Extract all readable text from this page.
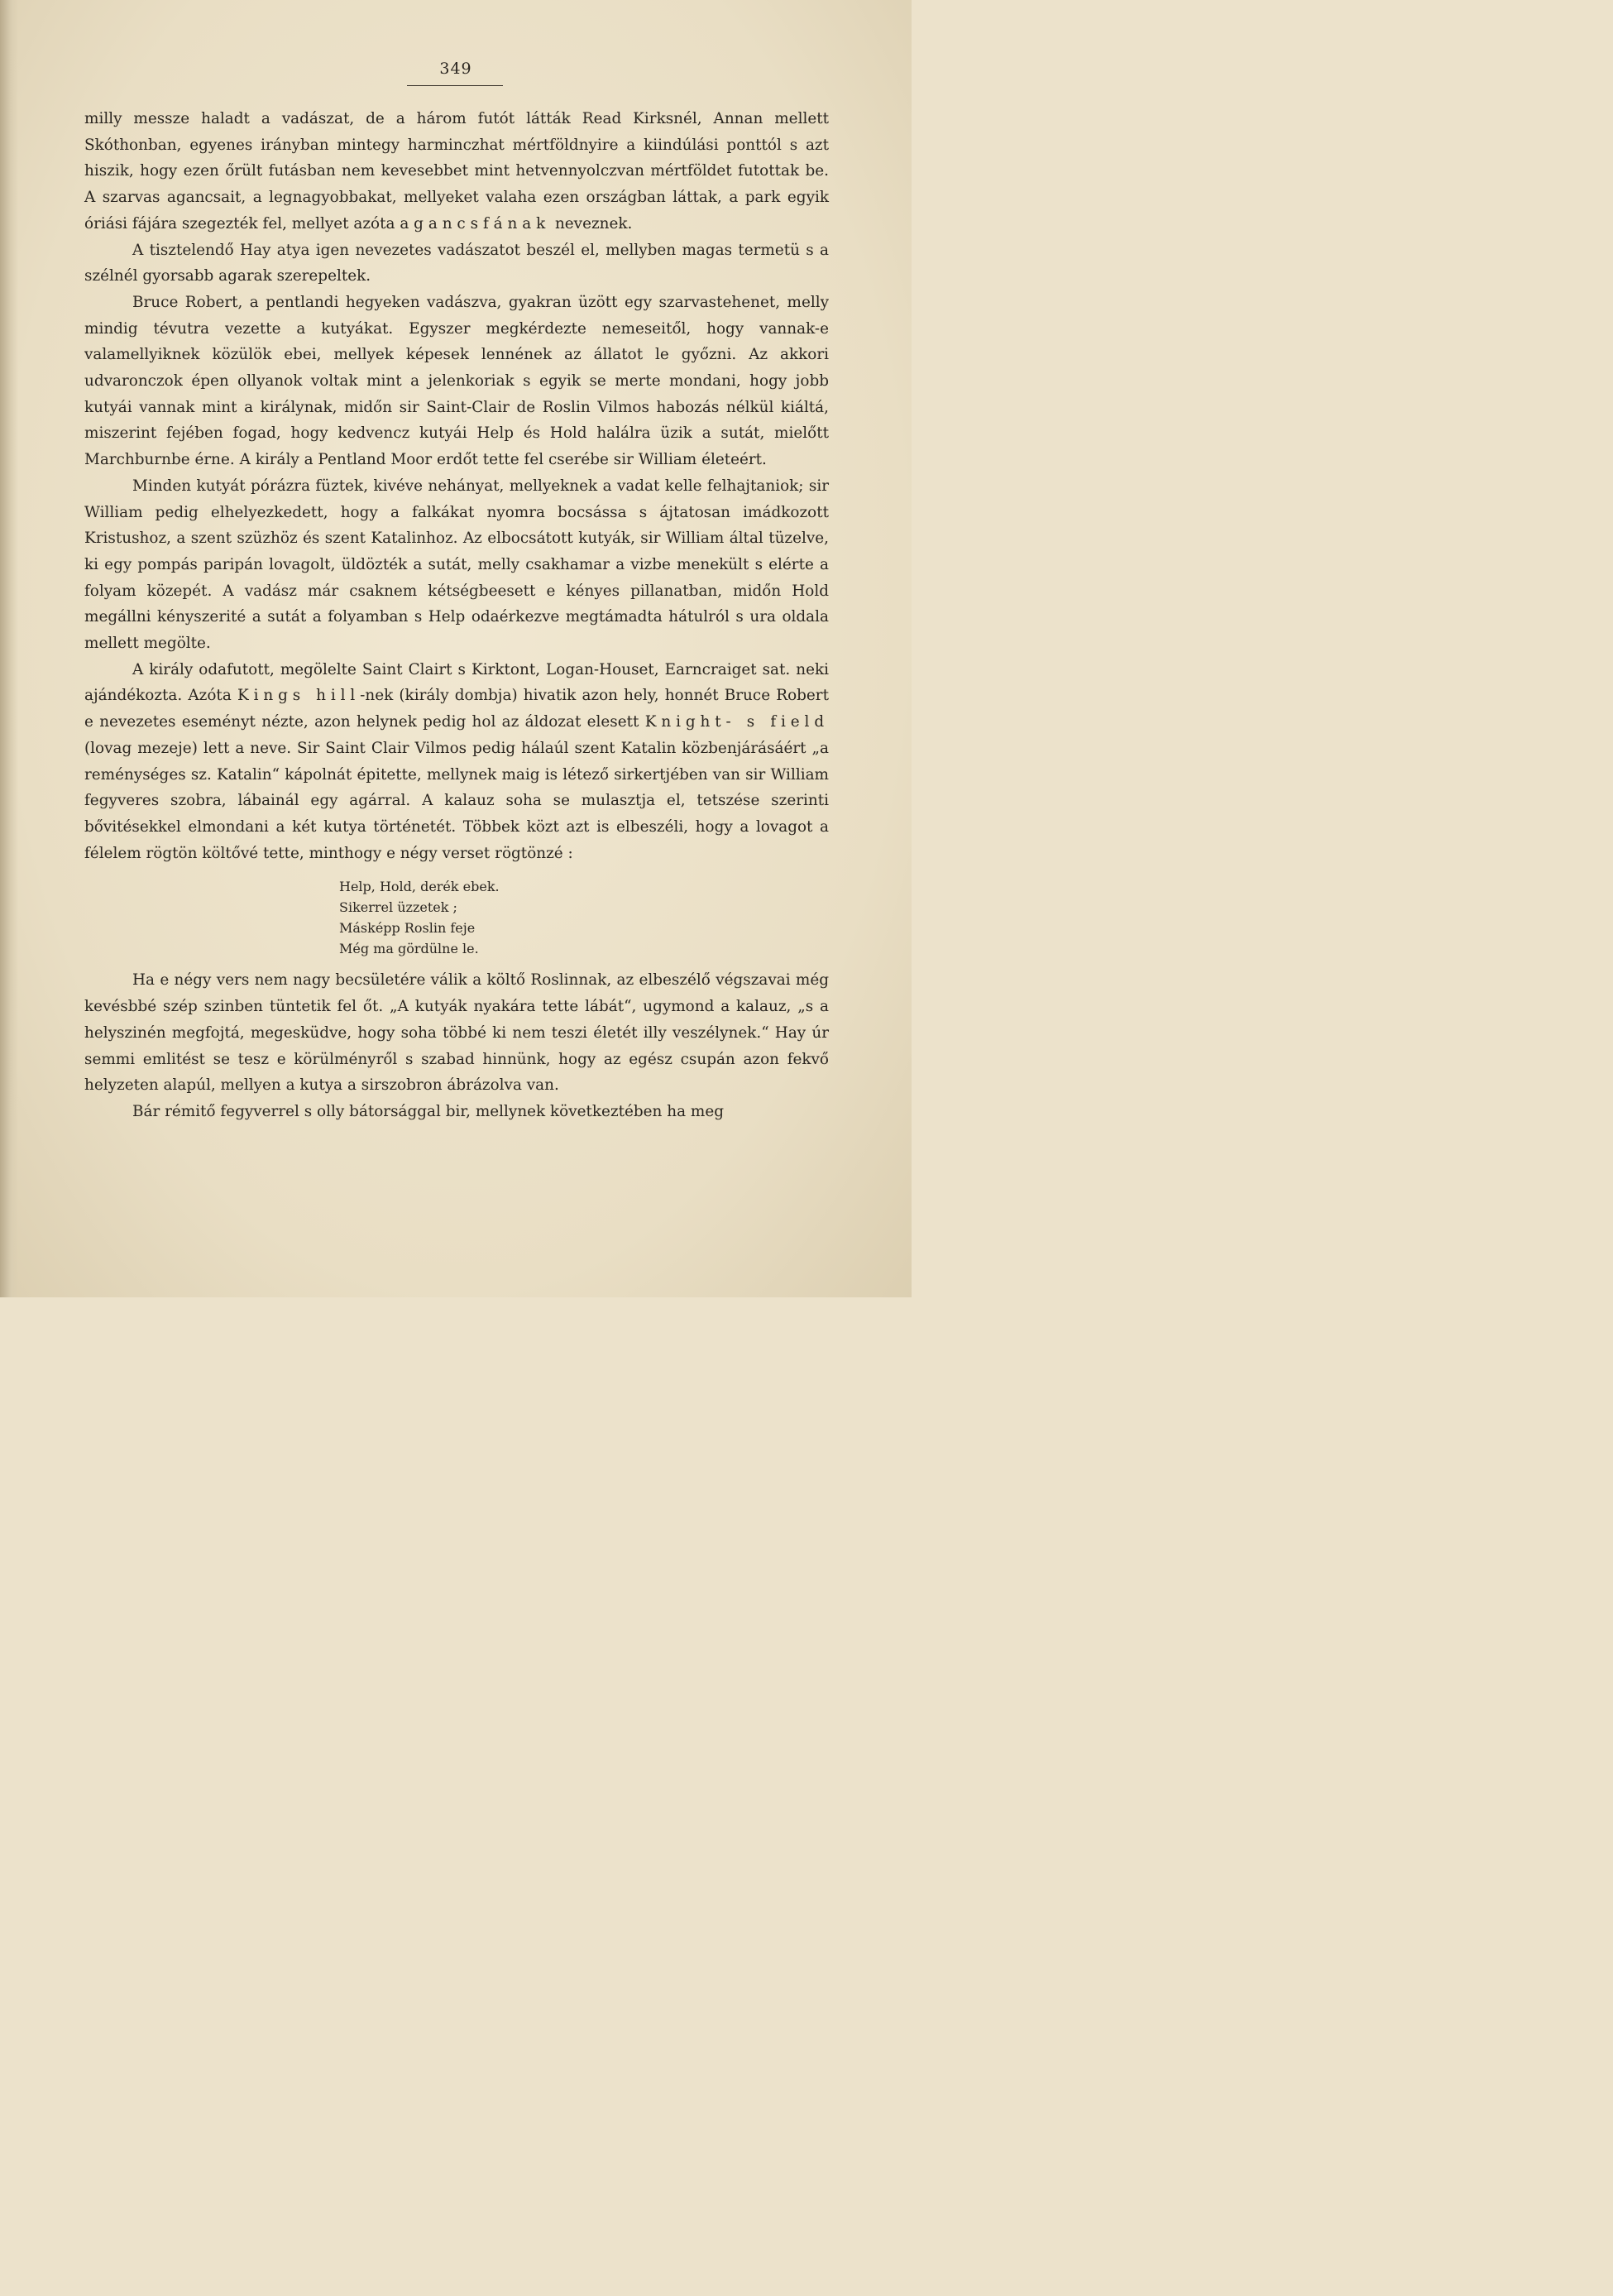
349

milly messze haladt a vadászat, de a három futót látták Read Kirksnél, Annan mellett Skóthonban, egyenes irányban mintegy harminczhat mértföldnyire a kiindúlási ponttól s azt hiszik, hogy ezen őrült futásban nem kevesebbet mint hetvennyolczvan mértföldet futottak be. A szarvas agancsait, a legnagyobbakat, mellyeket valaha ezen országban láttak, a park egyik óriási fájára szegezték fel, mellyet azóta agancsfának neveznek.

A tisztelendő Hay atya igen nevezetes vadászatot beszél el, mellyben magas termetü s a szélnél gyorsabb agarak szerepeltek.

Bruce Robert, a pentlandi hegyeken vadászva, gyakran üzött egy szarvastehenet, melly mindig tévutra vezette a kutyákat. Egyszer megkérdezte nemeseitől, hogy vannak-e valamellyiknek közülök ebei, mellyek képesek lennének az állatot le győzni. Az akkori udvaronczok épen ollyanok voltak mint a jelenkoriak s egyik se merte mondani, hogy jobb kutyái vannak mint a királynak, midőn sir Saint-Clair de Roslin Vilmos habozás nélkül kiáltá, miszerint fejében fogad, hogy kedvencz kutyái Help és Hold halálra üzik a sutát, mielőtt Marchburnbe érne. A király a Pentland Moor erdőt tette fel cserébe sir William életeért.

Minden kutyát pórázra füztek, kivéve nehányat, mellyeknek a vadat kelle felhajtaniok; sir William pedig elhelyezkedett, hogy a falkákat nyomra bocsássa s ájtatosan imádkozott Kristushoz, a szent szüzhöz és szent Katalinhoz. Az elbocsátott kutyák, sir William által tüzelve, ki egy pompás paripán lovagolt, üldözték a sutát, melly csakhamar a vizbe menekült s elérte a folyam közepét. A vadász már csaknem kétségbeesett e kényes pillanatban, midőn Hold megállni kényszerité a sutát a folyamban s Help odaérkezve megtámadta hátulról s ura oldala mellett megölte.

A király odafutott, megölelte Saint Clairt s Kirktont, Logan-Houset, Earncraiget sat. neki ajándékozta. Azóta Kings hill-nek (király dombja) hivatik azon hely, honnét Bruce Robert e nevezetes eseményt nézte, azon helynek pedig hol az áldozat elesett Knight- s field (lovag mezeje) lett a neve. Sir Saint Clair Vilmos pedig hálaúl szent Katalin közbenjárásáért „a reménységes sz. Katalin“ kápolnát épitette, mellynek maig is létező sirkertjében van sir William fegyveres szobra, lábainál egy agárral. A kalauz soha se mulasztja el, tetszése szerinti bővitésekkel elmondani a két kutya történetét. Többek közt azt is elbeszéli, hogy a lovagot a félelem rögtön költővé tette, minthogy e négy verset rögtönzé :

Help, Hold, derék ebek.
Sikerrel üzzetek ;
Másképp Roslin feje
Még ma gördülne le.

Ha e négy vers nem nagy becsületére válik a költő Roslinnak, az elbeszélő végszavai még kevésbbé szép szinben tüntetik fel őt. „A kutyák nyakára tette lábát“, ugymond a kalauz, „s a helyszinén megfojtá, megesküdve, hogy soha többé ki nem teszi életét illy veszélynek.“ Hay úr semmi emlitést se tesz e körülményről s szabad hinnünk, hogy az egész csupán azon fekvő helyzeten alapúl, mellyen a kutya a sirszobron ábrázolva van.

Bár rémitő fegyverrel s olly bátorsággal bir, mellynek következtében ha meg
